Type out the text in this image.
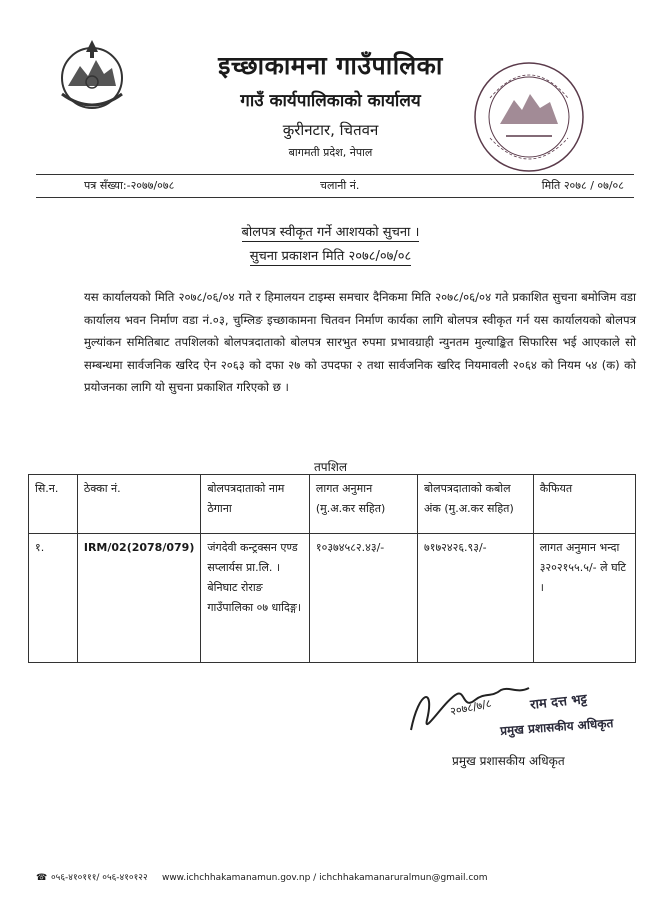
इच्छाकामना गाउँपालिका
गाउँ कार्यपालिकाको कार्यालय
कुरीनटार, चितवन
बागमती प्रदेश, नेपाल
पत्र सँख्या:-२०७७/०७८	चलानी नं.	मिति २०७८ / ०७/०८
बोलपत्र स्वीकृत गर्ने आशयको सुचना ।
सुचना प्रकाशन मिति २०७८/०७/०८
यस कार्यालयको मिति २०७८/०६/०४ गते र हिमालयन टाइम्स समचार दैनिकमा मिति २०७८/०६/०४ गते प्रकाशित सुचना बमोजिम वडा कार्यालय भवन निर्माण वडा नं.०३, चुम्लिङ इच्छाकामना चितवन निर्माण कार्यका लागि बोलपत्र स्वीकृत गर्न यस कार्यालयको बोलपत्र मुल्यांकन समितिबाट तपशिलको बोलपत्रदाताको बोलपत्र सारभुत रुपमा प्रभावग्राही न्युनतम मुल्याङ्कित सिफारिस भई आएकाले सो सम्बन्धमा सार्वजनिक खरिद ऐन २०६३ को दफा २७ को उपदफा २ तथा सार्वजनिक खरिद नियमावली २०६४ को नियम ५४ (क) को प्रयोजनका लागि यो सुचना प्रकाशित गरिएको छ ।
तपशिल
सि.न.	ठेक्का नं.	बोलपत्रदाताको नाम ठेगाना	लागत अनुमान (मु.अ.कर सहित)	बोलपत्रदाताको कबोल अंक (मु.अ.कर सहित)	कैफियत
१.	IRM/02(2078/079)	जंगदेवी कन्ट्रक्सन एण्ड सप्लार्यस प्रा.लि. । बेनिघाट रोराङ गाउँपालिका ०७ धादिङ्ग।	१०३७४५८२.४३/-	७१७२४२६.९३/-	लागत अनुमान भन्दा ३२०२१५५.५/- ले घटि ।
२०७८/७/८	राम दत्त भट्ट
प्रमुख प्रशासकीय अधिकृत
प्रमुख प्रशासकीय अधिकृत
☎ ०५६-४१०१११/ ०५६-४१०१२२ www.ichchhakamanamun.gov.np / ichchhakamanaruralmun@gmail.com
